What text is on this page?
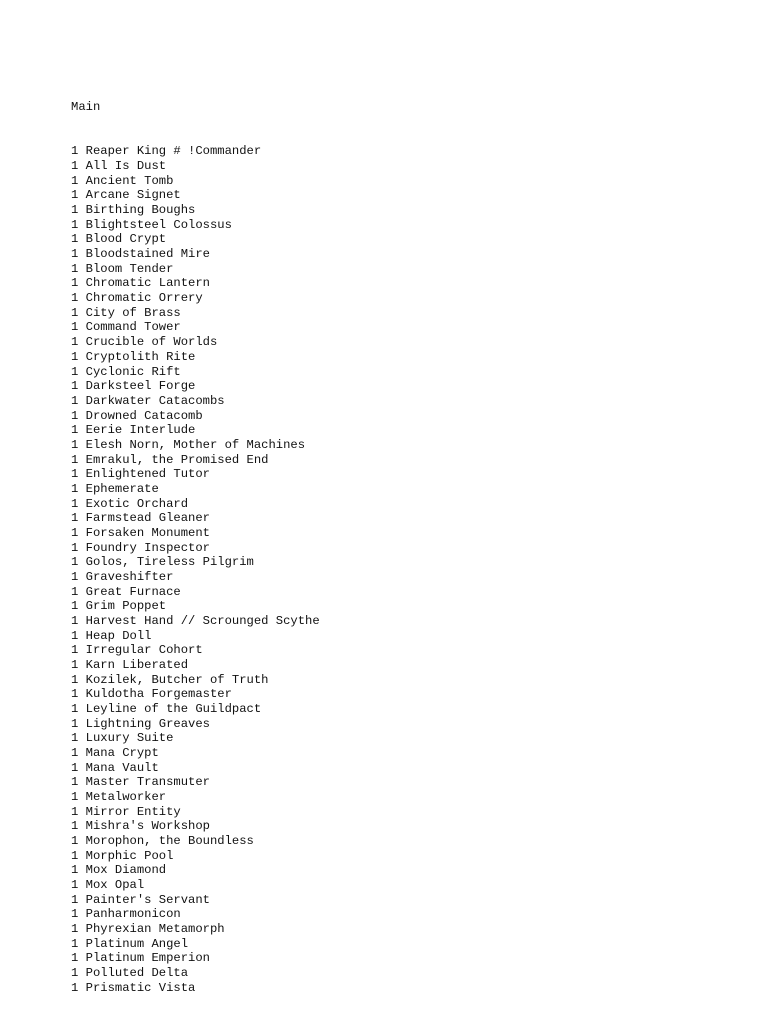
Main

1 Reaper King # !Commander
1 All Is Dust
1 Ancient Tomb
1 Arcane Signet
1 Birthing Boughs
1 Blightsteel Colossus
1 Blood Crypt
1 Bloodstained Mire
1 Bloom Tender
1 Chromatic Lantern
1 Chromatic Orrery
1 City of Brass
1 Command Tower
1 Crucible of Worlds
1 Cryptolith Rite
1 Cyclonic Rift
1 Darksteel Forge
1 Darkwater Catacombs
1 Drowned Catacomb
1 Eerie Interlude
1 Elesh Norn, Mother of Machines
1 Emrakul, the Promised End
1 Enlightened Tutor
1 Ephemerate
1 Exotic Orchard
1 Farmstead Gleaner
1 Forsaken Monument
1 Foundry Inspector
1 Golos, Tireless Pilgrim
1 Graveshifter
1 Great Furnace
1 Grim Poppet
1 Harvest Hand // Scrounged Scythe
1 Heap Doll
1 Irregular Cohort
1 Karn Liberated
1 Kozilek, Butcher of Truth
1 Kuldotha Forgemaster
1 Leyline of the Guildpact
1 Lightning Greaves
1 Luxury Suite
1 Mana Crypt
1 Mana Vault
1 Master Transmuter
1 Metalworker
1 Mirror Entity
1 Mishra's Workshop
1 Morophon, the Boundless
1 Morphic Pool
1 Mox Diamond
1 Mox Opal
1 Painter's Servant
1 Panharmonicon
1 Phyrexian Metamorph
1 Platinum Angel
1 Platinum Emperion
1 Polluted Delta
1 Prismatic Vista
